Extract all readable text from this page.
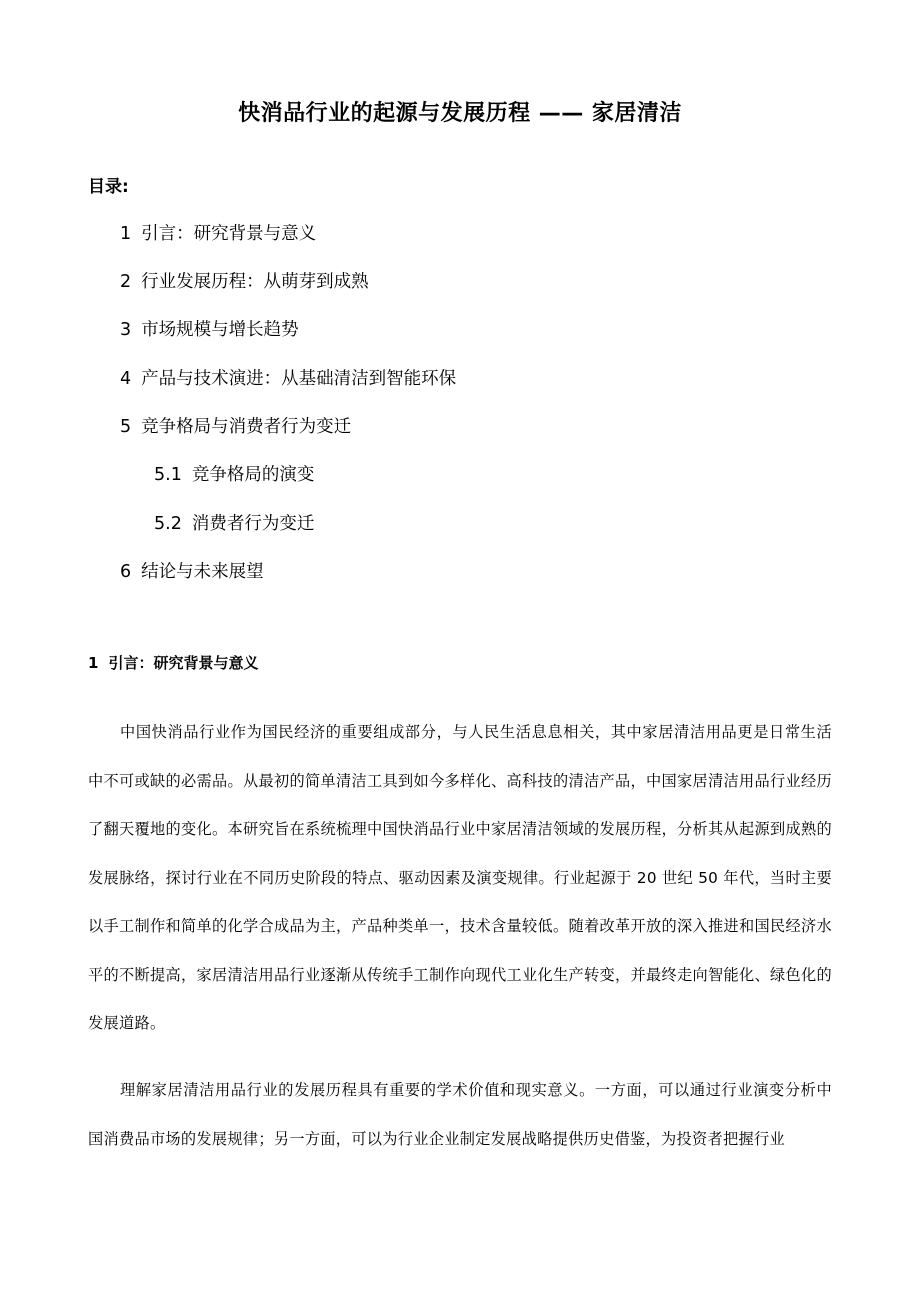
快消品行业的起源与发展历程 —— 家居清洁
目录:
1 引言：研究背景与意义
2 行业发展历程：从萌芽到成熟
3 市场规模与增长趋势
4 产品与技术演进：从基础清洁到智能环保
5 竞争格局与消费者行为变迁
5.1 竞争格局的演变
5.2 消费者行为变迁
6 结论与未来展望
1 引言：研究背景与意义

中国快消品行业作为国民经济的重要组成部分，与人民生活息息相关，其中家居清洁用品更是日常生活中不可或缺的必需品。从最初的简单清洁工具到如今多样化、高科技的清洁产品，中国家居清洁用品行业经历了翻天覆地的变化。本研究旨在系统梳理中国快消品行业中家居清洁领域的发展历程，分析其从起源到成熟的发展脉络，探讨行业在不同历史阶段的特点、驱动因素及演变规律。行业起源于 20 世纪 50 年代，当时主要以手工制作和简单的化学合成品为主，产品种类单一，技术含量较低。随着改革开放的深入推进和国民经济水平的不断提高，家居清洁用品行业逐渐从传统手工制作向现代工业化生产转变，并最终走向智能化、绿色化的发展道路。

理解家居清洁用品行业的发展历程具有重要的学术价值和现实意义。一方面，可以通过行业演变分析中国消费品市场的发展规律；另一方面，可以为行业企业制定发展战略提供历史借鉴，为投资者把握行业
